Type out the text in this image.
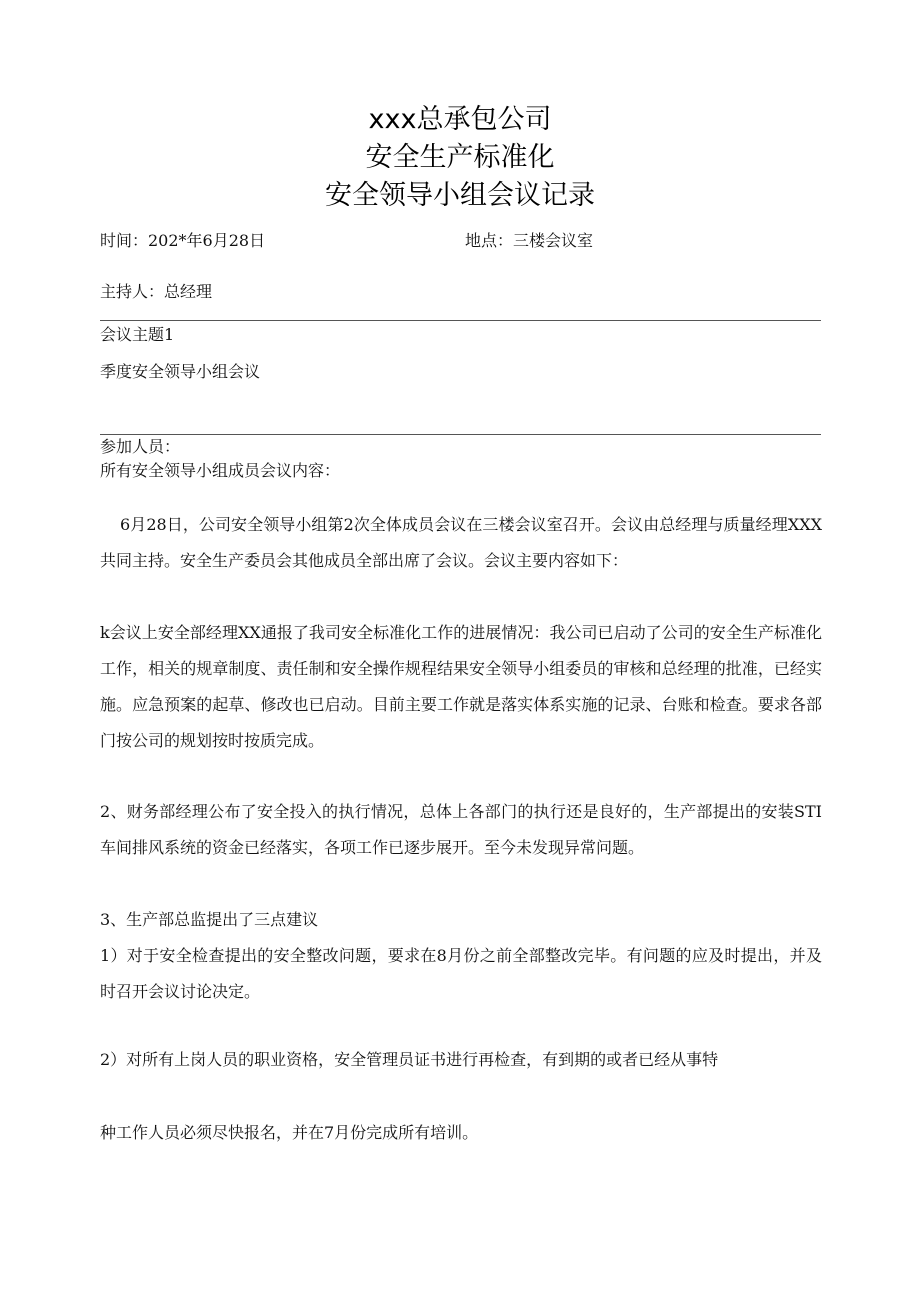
xxx总承包公司
安全生产标准化
安全领导小组会议记录
时间：202*年6月28日	地点：三楼会议室
主持人：总经理
会议主题1
季度安全领导小组会议
参加人员：
所有安全领导小组成员会议内容：
6月28日，公司安全领导小组第2次全体成员会议在三楼会议室召开。会议由总经理与质量经理XXX共同主持。安全生产委员会其他成员全部出席了会议。会议主要内容如下：
k会议上安全部经理XX通报了我司安全标准化工作的进展情况：我公司已启动了公司的安全生产标准化工作，相关的规章制度、责任制和安全操作规程结果安全领导小组委员的审核和总经理的批准，已经实施。应急预案的起草、修改也已启动。目前主要工作就是落实体系实施的记录、台账和检查。要求各部门按公司的规划按时按质完成。
2、财务部经理公布了安全投入的执行情况，总体上各部门的执行还是良好的，生产部提出的安装STI车间排风系统的资金已经落实，各项工作已逐步展开。至今未发现异常问题。
3、生产部总监提出了三点建议
1）对于安全检查提出的安全整改问题，要求在8月份之前全部整改完毕。有问题的应及时提出，并及时召开会议讨论决定。
2）对所有上岗人员的职业资格，安全管理员证书进行再检查，有到期的或者已经从事特
种工作人员必须尽快报名，并在7月份完成所有培训。
